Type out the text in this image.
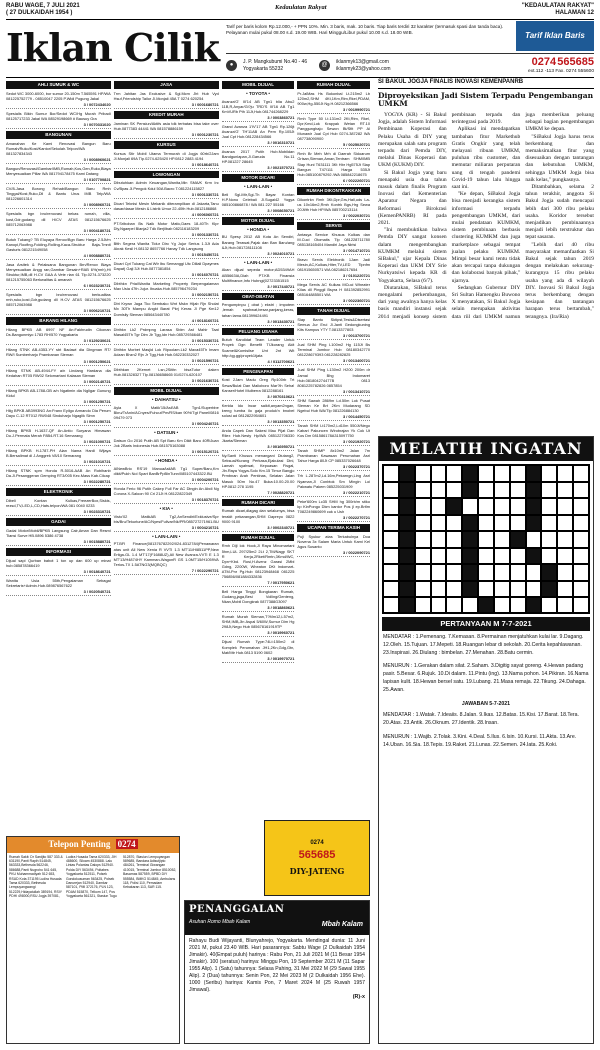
RABU WAGE, 7 JULI 2021
( 27 DULKAIDAH 1954 )
Kedaulatan Rakyat	"KEDAULATAN RAKYAT"
HALAMAN 12
Iklan Cilik	Tarif per baris kolom Rp.12.000,- + PPN 10%. Min. 3 baris, mak. 10 baris. Tiap baris terdiri 32 karakter (termasuk spasi dan tanda baca). Pelayanan mulai pukul 08.00 s.d. 19.00 WIB. Hari Minggu/Libur pukul 10.00 s.d. 18.00 WIB.	Tarif Iklan Baris
●	J. P. Mangkubumi No.40 - 46 Yogyakarta 55232
@	iklanmyk13@gmail.com iklanmyk23@yahoo.com
0274 565685
ext.112 -113 Fax. 0274 555600
AHLI SUMUR & WC
Sedot WC 3000-6000, bor sumur 20-150m T.565591 HP/WA 081225752779 - 08510047 2205 P.Widi Pogung Jakal
3 / 0072434020
Spesialis Bikin Sumur Bor/Sedot WC/Hg Murah Pribadi 08125717233 Jakal WA 08529198669 # Bausuy Gra
3 / 0070331020
BANGUNAN
Amanahan Ke Kami Renovasi Bangun Baru Rumah/Ruko/Kost/Kantor/Sekolah.Telpon/WA 081327834343
3 / 0008960621
Bangun/Renovasi/Gambar/IMB,Rumah,Kos,Gen,Ruko,Biaya Menyesuaikan Pillar WA 081794178475 Kami Datang
3 / 0107700821
CV/8-Jasa Borong Rehab/Bangun Baru Rmh Tinggal/Kost,Ruko,Dll & Bantu Urus IMB Telp/WA 081226601314
3 / 0008960721
Spesialis bgn bru/renovasi bekas rumah, villa, kost,Gdr,gudang dll H/CV ATAS 081215676625 085712063988
3 / 0004180721
Butuh Tukang? TB Eluyaya Renov/Bgn Baru Harga 2.5Jt/m Kanopi,Roofing-Folding-Rolling-Kaca-Struktur Baja-Tmntl Gasturis 081221549058
4 / 0008880721
Jasa Arsitek & Pelaksana Bangunan Brn/Renov Biaya Menyesuaikan Angg ran,Gambar Desain+RAB 6%(rmh),Ht Struktur,IMB,dll H.CV GAA A Vete rian 61 Tlp.0274-373220 081215755063 Berkwalitas & amanah
6 / 0023230721
Spesialis bgn bru/renovasi berkualitas rmh,ruko,kost,Gdr,gudang dll H.CV ATAS 081215676625 085712063988
3 / 0006210721
BARANG HILANG
Hilang BPKB AB 6997 NF An:Fakhrudin Cikonan Ds.Bangunmiyo 1783 RH/570 Yogyakarta
3 / 0129230621
Hilang STNK AB-4353-YY sbt Badawi dia Dingman RT/ RW/I Sumberharjo Prambanan Sleman
3 / 0001250621
Hilang STNK AB-4944-FY a/n Lindang Hardana dia Kedahan RT05 RW02 Selomartani Kalasan Sleman
3 / 0002140721
Hilang BPKB AB-1788-GB a/n Ngatimin dia Ngligar Gunung Kidul
3 / 0001250721
Hilg BPKB AB3993NG An:Franx Eyilgo Armando Dia Perum Dayu C-12 RT012 RW048 Sinduharjo Ngaglik Slmn
3 / 0001250721
Hilang BPKB H-1637-QF An.Antio Suryana Himawan Du.J.Permata Merah F8B4.RT.16 Semarang
3 / 0021000721
Hilang BPKB H-1787-PH Alan Nama Hardi Wijaya B.Bersalimat di J.Anggrek V8/10 Semarang
3 / 0021010721
Hilang STNK spm Honda R-5016-AAB An Robihanb Da.Jl.Pesanggeran Gemping RT3/005 Kec.Mass Kab.Cilcap
3 / 0022280721
ELEKTRONIK
Dibeli Kontan Kulkas,FreezerBox,Siskis, rezsd,TV,LED,L,CD,Hats.telpon/WA 081 0040 0233
3 / 0023310721
GADAI
Gadai Motor/Mobil/BPKB Langsung Cair,Aman Dan Resmi Tiansi Surve HB.0896 5386 4738
3 / 0015880721
INFORMASI
Dijual sapi Qurban babot 1 ton up dan 600 up minat hub.085878366419
3 / 0018640721
Wanita Usia 55th,Pengalaman Sebagai Sekretaris+Admin.Hub.089876567622
3 / 0020540721
JASA
Trm Jahitan Jas Exclusive & Sgl.Mcm Jht Hub Vyd Hsuf,Friendship Tailor Jl.Monjali 45A T 0274 620254
3 / 0001680721
KREDIT MURAH
Jaminan SK Pensiun/Aktifs asia tdk terbatas bisa take over Hub.0877383 44441 WA 081578886159
3 / 0001230721
KURSUS
Kursus Stir Mobil Utama Termurah di Jogja 60rb/2Jam Jl.Monjali 69A Tlp.0274-625420 HP.0812 2883 4194
3 / 0018640721
LOWONGAN
Dibutuhkan Admin Keuangan,Wanita,Min SMA/K Krm Irc Cv/Bpas Jl.Pengok Kdul 50A Bacro T.081224115827
3 / 0001330721
Dicari Teknisi Mesin Mekanik diterampilkan di Jakarta,Tanu dasar/dasar Mesin & Listrik Umur 22-40th Hub.0812186868
4 / 0006060721
PT.Sriboban Bs Naik Motor Matic,Daes 18-40Th Klpr Dly,Ngaepel Blanja2 Tdk Berjilbab 082116183209
3 / 0001330721
Btth Segera Wanita Tidur Dirc Yg Jujur Serius 1.3Jt Ada Akrak Kesil H.08132 8657766 Hanay Tdk Langsung
3 / 0015450721
Dicari Cpt Tukang Cat Wtr Ibu Semanggi Utc Diliali Dpaymes Dapat) Gaji 3Jt Hub.0877381854
3 / 0016070721
Dibthkn Pria/Wanita Marketing Property Berpengalaman Max Usia 47th Jujur. Ibuaka.Hub.085796479234
3 / 0002150721
Dbt Krywn Jaga Tko Sembako Wnt Mskn Hijab Rjn Sholat Mx 30Th Mampu Angkt Barat Pkrj Keras Jl Pge Km12 Domlsily Sleman 085643440780
4 / 0018160721
Dbthkn Lk2 Prdmpng Larasa Sblm Ast Mahir Taat Masal45Th Tgr Dlm Jlr Tgg,Idn Hub.085729366481
3 / 0015330721
Dbthkn Morbet Masjid Lok Ripoolam.Lk2 Maxa45Th Imam Adzan Bhzn2 Rjn Jr Tgg,Hub Hub.082230332027
3 / 0021590721
Dibthkan 2Kernet Lsn,2Sititn bisaTutur daken Hub.081328327 Tlp.08136658665 01/0274-620107
3 / 0021630721
MOBIL DIJUAL
• DAIHATSU •
Ayla X Matik'15/Asli'AB Tgn1/Superbbe Bkru/TrAnin/ACnyes/Fuhcut'Pm/RS/kan 90%/Tgt Panel/0816 09479 073
3 / 0004240721
• DATSUN •
Datsun Go 2016 Putih AB Spt Baru Km Dikit Baru 40RiJuan Jok 2Baris Indonesia Hub.081575163088
3 / 0015120721
• HONDA •
AlNewBrio RS'19 ManuaAsliAB Tg1 Super/Baru,Km dikit/Pukh Nol Spart BanBrPpBinTunn/085107443322.BU
3 / 0004200721
Honda Ferio 96 Putih Cakep Full Far AC Dingin An Abdi Ng Corona X-Saloon 90 Cri 21Jt H.08122822349
3 / 0018370721
• KIA •
Visto'02 MatikAB Tg2,AnSendiri/Exklusive/Spr bis/Bru/Tekurlune/AC/Nyes/Fullvar/Nk/PR/085727271961.BU
3 / 0004210721
• LAIN-LAIN •
PT.BFI Finance(081376782292/024-8312784)Penawaran atas unit All New Xenia R VVTI 1.3 MT'11/Hl8511PP,New Ertiga-GL 1.4 MT'17(F1688UZ),All New Avanza-VVTi E 1.3 MT'13/H4874HY Kamman-WagonR GS 1.0MT'15/H1059VA Terios-TX 1.5ATNG3(MQBQC)
7 / 0022290721
MOBIL DIJUAL
• TOYOTA •
Avanza'G' III'14 AB Tgn1 blia Abu2 11B,R,Anyar/Gi?ju TRD'S III'16 AB Tg1 KmVURb Pth 11Jt,Hub.081744268229
3 / 0003860721
Grand Avanza 1'IV'17 AB Tgn1 Rp.126jt Avanza'G' TH'11AB An Pem Rp.105Jt Jual Cpt Hub.081228434566
3 / 0016310721
Avanza 2017 Putih Hub.Mobildan Bandgunlapan,Jl.Garuda No.11 HP.081227 28645
3 / 0021570721
MOTOR DICARI
• LAIN-LAIN •
Beli Sgl-Mtr,Sgi-Th Bayar Kontan H.P.Nono Celebaii Jl.Sugai42 Yogya 085100866878 / WA 081 227 55166
3 / 0008650721
MOTOR DIJUAL
• HONDA •
BU Spesy 2012 AB Kota An Sendiri, Barang Terawat,Pajak dan Ban Baru/ang &Jt,Hub.081728111108
3 / 0024010721
• LAIN-LAIN •
Akan dijual sepeda motor;AD5349AH AB5663IA,Diah PT.KB Finansia Multifinance,Info Hubngi(02723351515
3 / 0017440721
OBAT-OBATAN
Pengumpinpu ( obat ) ekstri ; impotem ,lemah syahwat,besar,panjang,keras, tahan lama.081399624491
3 / 0013430721
PELUANG USAHA
Butuh Kandidat Team Leader Untuk Proyek Dgn Benefit TIJkorang Akit Scamel&Komisilse Unt 2nt Wit http:/qg.gg/proyek1tjata
4 / 0112700621
PENGINAPAN
Kost 2Jam Madu Oreg Rp100rb Trt Sewa/Bulat Dan Malioboro Mar?ih Seha! Kanser/Hotel Mulberra 0812288161
3 / 0070310621
Kerida Ido Incar saikit,anyam2ngan, kreng tumba ilo gaja produk'n bnobel solusi ad 0812822954601
3 / 0013350721
Anda Capek Dan Sakesi Mau Pijat Dan Rilex Hub.Nesty Hp/WA 085122706330 Jkarta/Sleman
3 / 0016950721
Ny.Santi Khusus menangani Diutang2, Seksual/Kurang Perkasa,Ejakulasi Dini, Lamah syahwat, Kepuasan Fisgal, Jln.Raya Yogya-Solo Km.15 Timur Bangjo Prmbnan Arah Pentinas, Selatan Jalan Masuk 50m No.47 Buka:10.00-20.00 HP.0812 278 1195
7 / 0028820721
RUMAH DICARI
Rumah dicari,dlagag dan selalumya, bisa terakit pekarangan,SHM Dapreyo 0822 9000 9100
3 / 0002340721
RUMAH DIJUAL
Rmh Dijl lok Hook,Jl Raya Minomartani 5hm,LUL 297/25m2 2Lt 2,TM/Nagp SKT R Kerja,2Rket/Rmtn,3Kmd/WC, Dpn+Kbd. Rosi,H.Avenz Garasi 2Mbl Gdng, 2200W, Wheaton DKt Indomart-ATM-Pnr Pg.Hub 08123948468 081225 756856/081884332836
7 / 0017950621
Bell Harga Tinggi Bongkaran Rumah, Gudang,jaga,Besi Volling/Genteng, Nkan,Mobil Dongkrak 0877388G3097
3 / 0018860621
Rumah Murah Sleman,T?Mm12,L57m2, SHM,IMB,Jln Aspal 5/60W,Sumur Dim Hg 298Jt,Nego Hub 085678161919TP
3 / 0019960721
Dijual Rumah Type:74Lt:150m2 di Komplek Perumahan JH1,2Kn,Gdg,Gtn, Mat/Mtr Hub.0813 5190 0602
3 / 0019970721
RUMAH DIJUAL
Pr.JalMas Hs Bokonbal Lt.215m2 Lb 120m2,SHM 4Kt,1Km,Rim,Rkel,PDAM, 900w,Hg-550Jt Ng.H.08212366566
3 / 0019990721
Rmh Type 50 Lt.131m2 2Kt,Rtm, Rkel, Dpr,Kmd,Lok Krapyak Wetan RT.10 Panggunghajo Sewon Bt/Sfit PP Al Munawir Jual Cpt Hub 0274-387282 WA 087738090900
5 / 0025020721
Rmh Br Meh Mrh di Daerah Sidoarum Grisan,Sleman,Aman,Tentram SHM/IMB Siap Huni T631111 3Kt Hbr Hg575Jt Siap Bangun T47/111 Harga 535Jt Hub.085100879292 /WA 085842218675
6 / 0022260721
RUMAH DIKONTRAKKAN
Dikontrkn Rmh 3Kt,Dpr,Grs,Hall,uds La-us 10x16m2,Rmh Kontrk Bgs,Hrg Sewa 20Jt/th Hub HP/WA 085700213114
3 / 0022030721
SERVIS
Antasya Service Khusus Kulkas dan M.Cuci Otomatis Tlp 081228711780 085138165404 Mandiri Jaya Nirisi
3 / 0014710721
Bravo Servis Elektronik 1Jam Jadi Mesin,AC,Kulkas,Hiter,TV,LED Tlpnfm 081915650571 WA 082186217654
3 / 0101220721
Mega Servis AC Kulkas MCuci Wheater Kilas dll Pinggil Bsyra H 081392852991 085164885501 WA
3 / 0022360721
TANAH DIJUAL
Siap Bantu Sktipst,Tesis&Disertasi Semua Jur Erui Jl.Janti Gedongkuning Kits Kampus YTY T.0813377803
3 / 0013700721
Jual SHM Ping L100m2 Hg 115Jt Bs Terminal Jombor Hub 08180342770 081228679393 081228282825
3 / 0013400721
Jual SHM Ping L130m2 H200 200m dr Jamal Bhg Indomaret Hub.081804274477B 0813 8081225782826 0857854
3 / 0013410721
SHM Sawah 2869m Ld.50m Lok Pusat Sleman Ke Brt 2Km Mudarang SD Ngebul Hub WA/Tlp 081226884130
3 / 0014450721
Tanah SHM Lt170m2,Ld10m 550Jt/Nego Kabari Pakuncen Wirobrajan Yk Cok Ut Kos Dm 081586178A315097750
3 / 0021920721
Tanah SHMP 8x10m2 Jalan 7m Prambanan Kawasan Perumahan Asri Tahur Harga 80Jt CP 085337026648
3 / 0022370721
Trh L.287m2,Ld.16m,Pekarngn,Ling Asri Nyaman,Jl Conbtok Sm Mingin Loi Pakwatu Pakem 085225031909
3 / 0022210721
Peke'600m Lc35 SHM hg 300rb/m stiko kp KinPongo Dkm kantor Pos jl ep.Brtlm T082249860699 cuk u Ush
3 / 0022270721
UCAPAN TERIMA KASIH
Puji Syukur atas Terkabulnya Doa Novena 3x Salam Maria Untuk Kami Kel Agus Susanto
3 / 0022090721
Telepon Penting 0274
Rumah Sakit: Dr Sardjito 587 333 & 631190,Panti Rapih 514845, 563333,Bethesda 562246, 586688,Panti Nugroho 541 645, PKU Muhammadiyah 512 653, RSUD Kota 371195 Ludira Husada Tama 620333, Bethesda Lempuyangwangi 512229,Hidayatullah 389194, RSIY PDHI 498000,RSU Jogja 397081, Ludira Husada Tama 620333, JIH 488600, Siloam 4530888. Lalu Lintas Polantas Dalops 512940. Polda DIY 563494, Poltabes Yogyakarta 512511, Polsek Gondokusuman 563425, Polsek Danurejan 512940, Damkar 587101, PMI 372176, PLN 123, PDAM 515870, Telkom 147, Pos Yogyakarta 561321, Stasiun Tugu 512870, Stasiun Lempuyangan 589685, Bandara Adisutjipto 484261, Terminal Giwangan 410015, Terminal Jombor 8510052, Basarnas 587559, BPBD DIY 555584, BMKG 514845, Ambulans 118, Polisi 110, Pemadam Kebakaran 113, SAR 115.
0274
565685
DIY-JATENG
PENANGGALAN
Asuhan Romo Mbah Kalam	Mbah Kalam
Rahayu Budi Wijayanti, Blunyahrejo, Yogyakarta. Mendingal dunia: 11 Juni 2021 M, pukul 23.40 WIB. Hari pasarannya: Sabtu Wage (2 Dulkaidah 1954 Jimakir). 40(Empat puluh) harinya : Rabu Pon, 21 Juli 2021 M (11 Besar 1954 Jimakir). 100 (seratus) harinya: Minggu Pon, 19 September 2021 M (11 Sapar 1955 Alip). 1 (Satu) tahunnya: Selasa Pahing, 31 Mei 2022 M (29 Sawal 1955 Alip). 2 (Dua) tahunnya: Senin Pon, 22 Mei 2023 M (2 Dulkaidah 1956 Ehe). 1000 (Seribu) harinya: Kamis Pon, 7 Maret 2024 M (25 Ruwah 1957 Jimawal).
(R)-x
SI BAKUL JOGJA FINALIS INOVASI KEMENPANRB
Diproyeksikan Jadi Sistem Terpadu Pengembangan UMKM

YOGYA (KR) - Si Bakul Jogja, adalah Sistem Informasi Pembinaan Koperasi dan Pelaku Usaha di DIY yang merupakan salah satu program terpadu dari Pemda DIY, melalui Dinas Koperasi dan UKM (KUKM) DIY.

Si Bakul Jogja yang baru menapaki usia dua tahun masuk dalam finalis Program Inovasi dari Kementerian Aparatur Negara dan Reformasi Birokrasi (KemenPANRB) RI pada 2021.

"Ini membuktikan bahwa Pemda DIY sangat konsen dalam mengembangkan KUMKM melalui sistem SiBakul," ujar Kepala Dinas Koperasi dan UKM DIY Srie Nurkyatsiwi kepada KR di Yogyakarta, Selasa (6/7).

Diutarakan, SiBakul terus mengalami perkembangan, dari yang awalnya hanya kelas basis mandiri instansi sejak 2014 menjadi konsep sistem pembinaan terpadu dan terintegrasi pada 2019.

Aplikasi ini mendapatkan tambahan fitur Markethub Gratis Ongkir yang telah melayani ribuan UMKM, puluhan ribu customer, dan memutar miliaran perputaran uang di tengah pandemi Covid-19 tahun lalu hingga saat ini.

"Ke depan, SiBakul Jogja bisa menjadi kerangka sistem informasi terpadu pengembangan UMKM, dari mulai pendataan KUMKM, sistem pembinaan berbasis clustering KUMKM dan juga marketplace sebagai tempat jualan pelaku KUMKM. Mimpi besar kami tentu tidak akan tercapai tanpa dukungan dan kolaborasi banyak pihak," ujarnya.

Sedangkan Gubernur DIY Sri Sultan Hamengku Buwono X menyatakan, Si Bakul Jogja selain merupakan aktivitas data riil dari UMKM namun juga memberikan peluang sebagai bagian pengembangan UMKM ke depan.

"SiBakul Jogja harus terus berkembang dan memaksimalkan fitur yang disesuaikan dengan tantangan dan kebutuhan UMKM, sehingga UMKM Jogja bisa naik kelas," pungkasnya.

Ditambahkan, selama 2 tahun terakhir, anggota Si Bakul Jogja sudah mencapai lebih dari 300 ribu pelaku usaha. Koridor tersebut menjadikan pembinaannya menjadi lebih terstruktur dan tepat sasaran.

"Lebih dari 40 ribu masyarakat memanfaatkan Si Bakul sejak tahun 2019 dengan melakukan sekurang-kurangnya 15 ribu pelaku usaha yang ada di wilayah DIY. Inovasi Si Bakul Jogja terus berkembang dengan kesiapan dan tantangan harapan terus bertambah," terangnya. (Ira/Ria)

MELATIH INGATAN
PERTANYAAN M 7-7-2021

MENDATAR : 1.Pemenang. 7.Kemasan. 8.Permainan menjatuhkan kulai lar. 9.Dagang. 12.Oleh. 15.Tujuan. 17.Mepeti. 18.Ruangan lebar di sekolah. 20.Cerita kepahlawanan. 23.Inspirasi. 26.Diulang : bimbelan. 27.Menahan. 28.Batu cermin.

MENURUN : 1.Gerakan dalam silat. 2.Saham. 3.Digitig sayat goreng. 4.Hewan padang pasir. 5.Besar. 6.Rujuk. 10.Di dalam. 11.Pintu (ing). 13.Nama pohon. 14.Pikiran. 16.Nama lapisan kulit. 18.Hewan bersel satu. 19.Lubang. 21.Masa remaja. 22.Tikung. 24.Dahaga. 25.Awan.

JAWABAN 5-7-2021

MENDATAR : 1.Watak. 7.Ideaiis. 8.Jalan. 9.Ikas. 12.Batas. 15.Kisi. 17.Barat. 18.Tera. 20.Atas. 23.Antik. 26.Oknum. 27.Identik. 28.Insan.

MENURUN : 1.Wajib. 2.Tolak. 3.Kini. 4.Deal. 5.Ilus. 6.Isin. 10.Kursi. 11.Akta. 13.Are. 14.Uban. 16.Sia. 18.Tepis. 19.Raket. 21.Lunas. 22.Semen. 24.Iata. 25.Koki.
